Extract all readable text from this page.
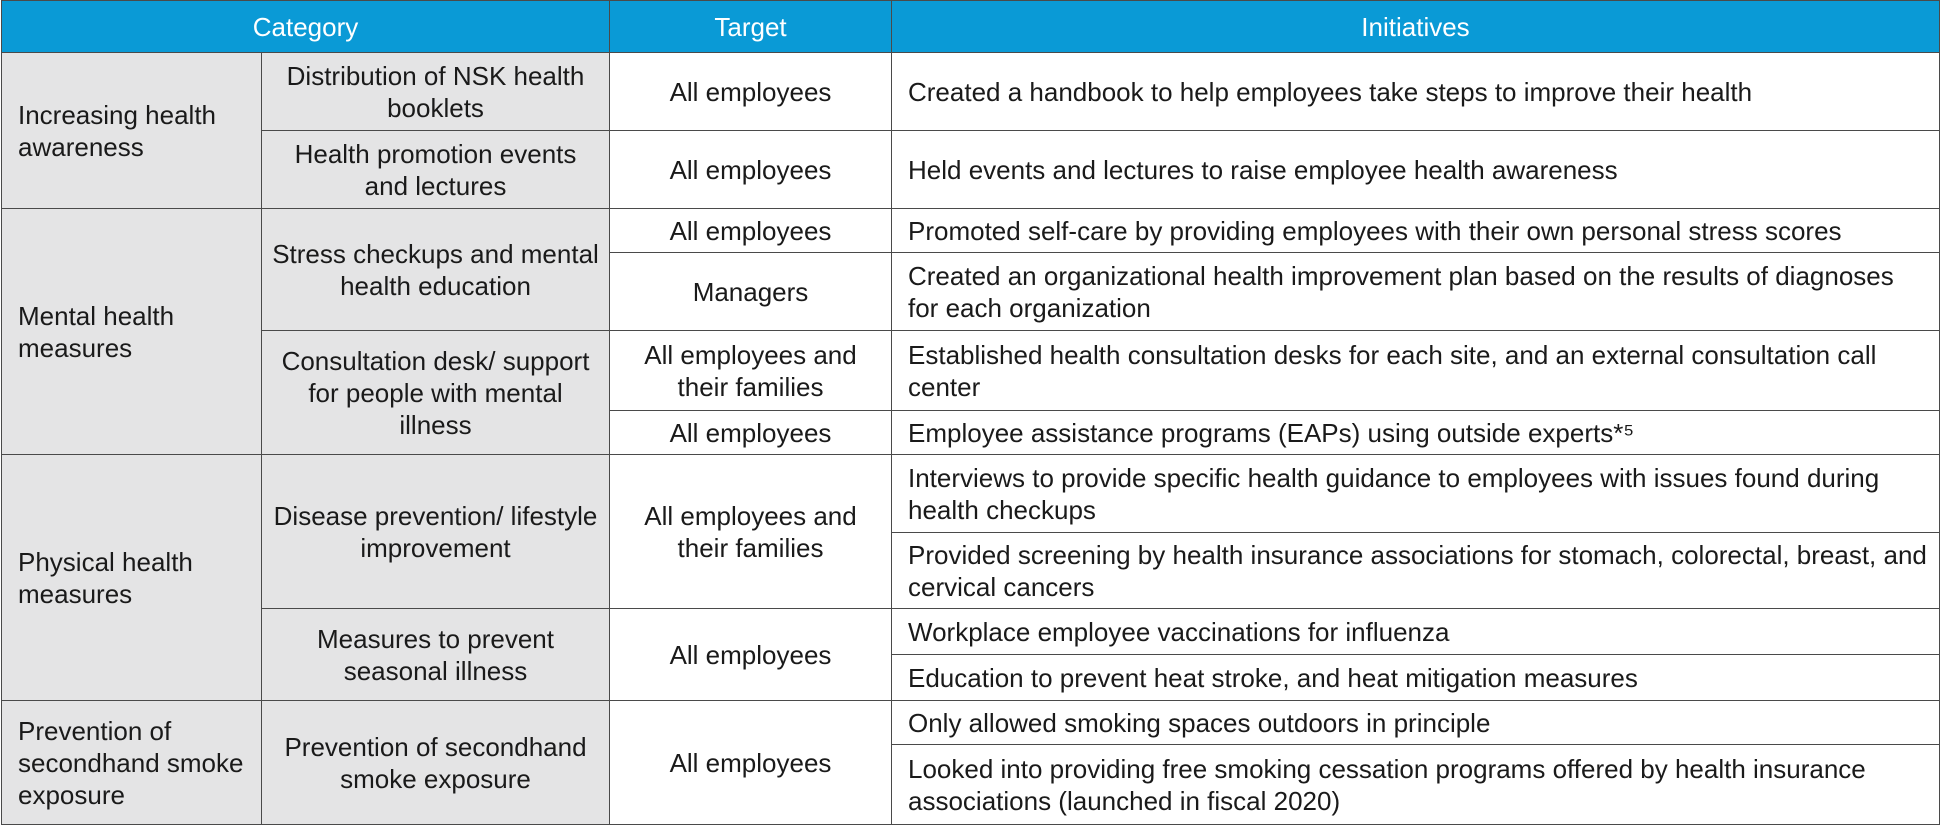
Category		Target	Initiatives
Increasing health awareness	Distribution of NSK health booklets	All employees	Created a handbook to help employees take steps to improve their health
	Health promotion events and lectures	All employees	Held events and lectures to raise employee health awareness
Mental health measures	Stress checkups and mental health education	All employees	Promoted self-care by providing employees with their own personal stress scores
		Managers	Created an organizational health improvement plan based on the results of diagnoses for each organization
	Consultation desk/ support for people with mental illness	All employees and their families	Established health consultation desks for each site, and an external consultation call center
		All employees	Employee assistance programs (EAPs) using outside experts*⁵
Physical health measures	Disease prevention/ lifestyle improvement	All employees and their families	Interviews to provide specific health guidance to employees with issues found during health checkups
			Provided screening by health insurance associations for stomach, colorectal, breast, and cervical cancers
	Measures to prevent seasonal illness	All employees	Workplace employee vaccinations for influenza
			Education to prevent heat stroke, and heat mitigation measures
Prevention of secondhand smoke exposure	Prevention of secondhand smoke exposure	All employees	Only allowed smoking spaces outdoors in principle
			Looked into providing free smoking cessation programs offered by health insurance associations (launched in fiscal 2020)
